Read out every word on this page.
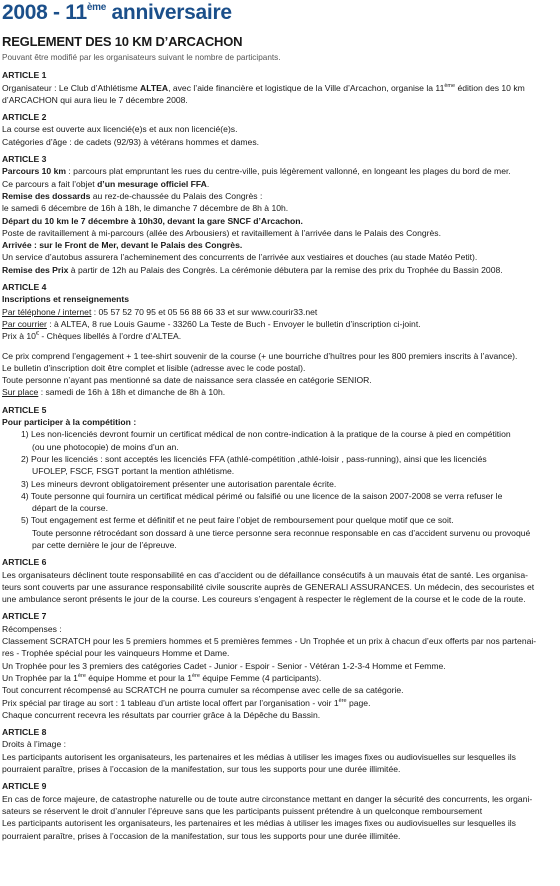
2008 - 11ème anniversaire
REGLEMENT DES 10 KM D’ARCACHON
Pouvant être modifié par les organisateurs suivant le nombre de participants.
ARTICLE 1

Organisateur : Le Club d’Athlétisme ALTEA, avec l’aide financière et logistique de la Ville d’Arcachon, organise la 11ème édition des 10 km d’ARCACHON qui aura lieu le 7 décembre 2008.

ARTICLE 2

La course est ouverte aux licencié(e)s et aux non licencié(e)s.

Catégories d’âge : de cadets (92/93) à vétérans hommes et dames.

ARTICLE 3

Parcours 10 km : parcours plat empruntant les rues du centre-ville, puis légèrement vallonné, en longeant les plages du bord de mer.

Ce parcours a fait l’objet d’un mesurage officiel FFA.

Remise des dossards au rez-de-chaussée du Palais des Congrès :

le samedi 6 décembre de 16h à 18h, le dimanche 7 décembre de 8h à 10h.

Départ du 10 km le 7 décembre à 10h30, devant la gare SNCF d’Arcachon.

Poste de ravitaillement à mi-parcours (allée des Arbousiers) et ravitaillement à l’arrivée dans le Palais des Congrès.

Arrivée : sur le Front de Mer, devant le Palais des Congrès.

Un service d’autobus assurera l’acheminement des concurrents de l’arrivée aux vestiaires et douches (au stade Matéo Petit).

Remise des Prix à partir de 12h au Palais des Congrès. La cérémonie débutera par la remise des prix du Trophée du Bassin 2008.

ARTICLE 4
Inscriptions et renseignements

Par téléphone / internet : 05 57 52 70 95 et 05 56 88 66 33 et sur www.courir33.net

Par courrier : à ALTEA, 8 rue Louis Gaume - 33260 La Teste de Buch - Envoyer le bulletin d’inscription ci-joint.

Prix à 10€ - Chèques libellés à l’ordre d’ALTEA.

Ce prix comprend l’engagement + 1 tee-shirt souvenir de la course (+ une bourriche d’huîtres pour les 800 premiers inscrits à l’avance).

Le bulletin d’inscription doit être complet et lisible (adresse avec le code postal).

Toute personne n’ayant pas mentionné sa date de naissance sera classée en catégorie SENIOR.

Sur place : samedi de 16h à 18h et dimanche de 8h à 10h.

ARTICLE 5
Pour participer à la compétition :

1) Les non-licenciés devront fournir un certificat médical de non contre-indication à la pratique de la course à pied en compétition
(ou une photocopie) de moins d’un an.

2) Pour les licenciés : sont acceptés les licenciés FFA (athlé-compétition ,athlé-loisir , pass-running), ainsi que les licenciés
UFOLEP, FSCF, FSGT portant la mention athlétisme.

3) Les mineurs devront obligatoirement présenter une autorisation parentale écrite.

4) Toute personne qui fournira un certificat médical périmé ou falsifié ou une licence de la saison 2007-2008 se verra refuser le
départ de la course.

5) Tout engagement est ferme et définitif et ne peut faire l’objet de remboursement pour quelque motif que ce soit.
Toute personne rétrocédant son dossard à une tierce personne sera reconnue responsable en cas d’accident survenu ou provoqué
par cette dernière le jour de l’épreuve.

ARTICLE 6

Les organisateurs déclinent toute responsabilité en cas d’accident ou de défaillance consécutifs à un mauvais état de santé. Les organisa-

teurs sont couverts par une assurance responsabilité civile souscrite auprès de GENERALI ASSURANCES. Un médecin, des secouristes et

une ambulance seront présents le jour de la course. Les coureurs s’engagent à respecter le règlement de la course et le code de la route.

ARTICLE 7

Récompenses :

Classement SCRATCH pour les 5 premiers hommes et 5 premières femmes - Un Trophée et un prix à chacun d’eux offerts par nos partenai-

res - Trophée spécial pour les vainqueurs Homme et Dame.

Un Trophée pour les 3 premiers des catégories Cadet - Junior - Espoir - Senior - Vétéran 1-2-3-4 Homme et Femme.

Un Trophée par la 1ère équipe Homme et pour la 1ère équipe Femme (4 participants).

Tout concurrent récompensé au SCRATCH ne pourra cumuler sa récompense avec celle de sa catégorie.

Prix spécial par tirage au sort : 1 tableau d’un artiste local offert par l’organisation - voir 1ère page.

Chaque concurrent recevra les résultats par courrier grâce à la Dépêche du Bassin.

ARTICLE 8

Droits à l’image :

Les participants autorisent les organisateurs, les partenaires et les médias à utiliser les images fixes ou audiovisuelles sur lesquelles ils

pourraient paraître, prises à l’occasion de la manifestation, sur tous les supports pour une durée illimitée.

ARTICLE 9

En cas de force majeure, de catastrophe naturelle ou de toute autre circonstance mettant en danger la sécurité des concurrents, les organi-

sateurs se réservent le droit d’annuler l’épreuve sans que les participants puissent prétendre à un quelconque remboursement

Les participants autorisent les organisateurs, les partenaires et les médias à utiliser les images fixes ou audiovisuelles sur lesquelles ils

pourraient paraître, prises à l’occasion de la manifestation, sur tous les supports pour une durée illimitée.
